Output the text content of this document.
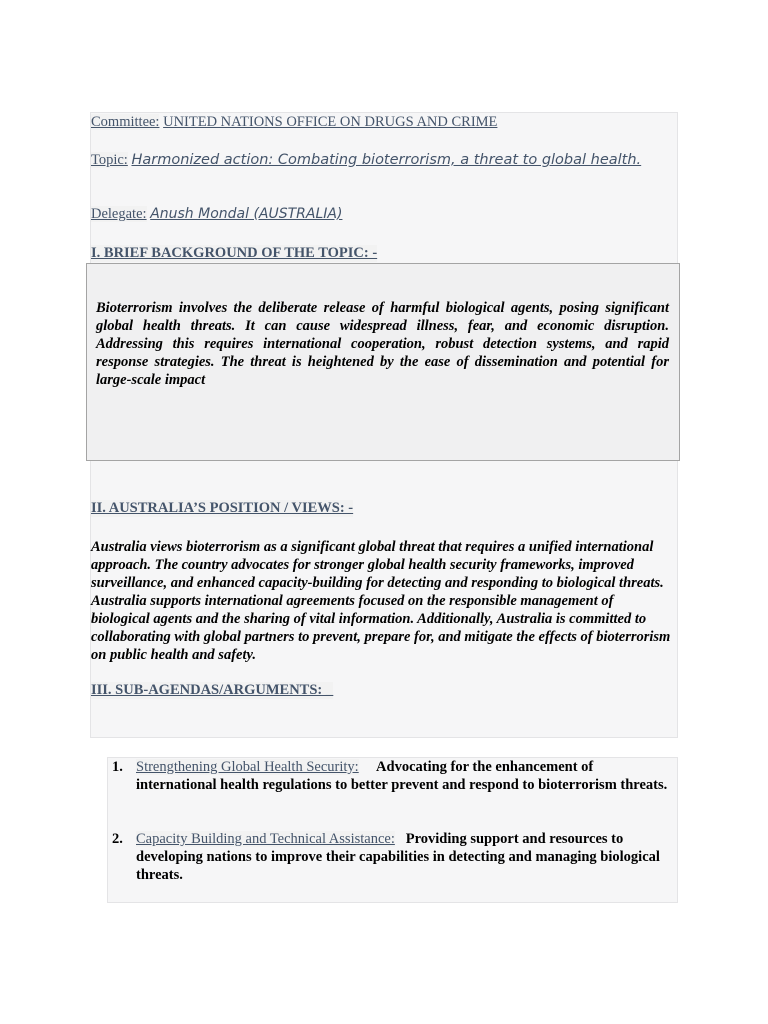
Committee: UNITED NATIONS OFFICE ON DRUGS AND CRIME
Topic: Harmonized action: Combating bioterrorism, a threat to global health.
Delegate: Anush Mondal (AUSTRALIA)
I. BRIEF BACKGROUND OF THE TOPIC: -
Bioterrorism involves the deliberate release of harmful biological agents, posing significant global health threats. It can cause widespread illness, fear, and economic disruption. Addressing this requires international cooperation, robust detection systems, and rapid response strategies. The threat is heightened by the ease of dissemination and potential for large-scale impact
II. AUSTRALIA’S POSITION / VIEWS: -
Australia views bioterrorism as a significant global threat that requires a unified international approach. The country advocates for stronger global health security frameworks, improved surveillance, and enhanced capacity-building for detecting and responding to biological threats. Australia supports international agreements focused on the responsible management of biological agents and the sharing of vital information. Additionally, Australia is committed to collaborating with global partners to prevent, prepare for, and mitigate the effects of bioterrorism on public health and safety.
III. SUB-AGENDAS/ARGUMENTS: _
1. Strengthening Global Health Security: Advocating for the enhancement of international health regulations to better prevent and respond to bioterrorism threats.
2. Capacity Building and Technical Assistance: Providing support and resources to developing nations to improve their capabilities in detecting and managing biological threats.
